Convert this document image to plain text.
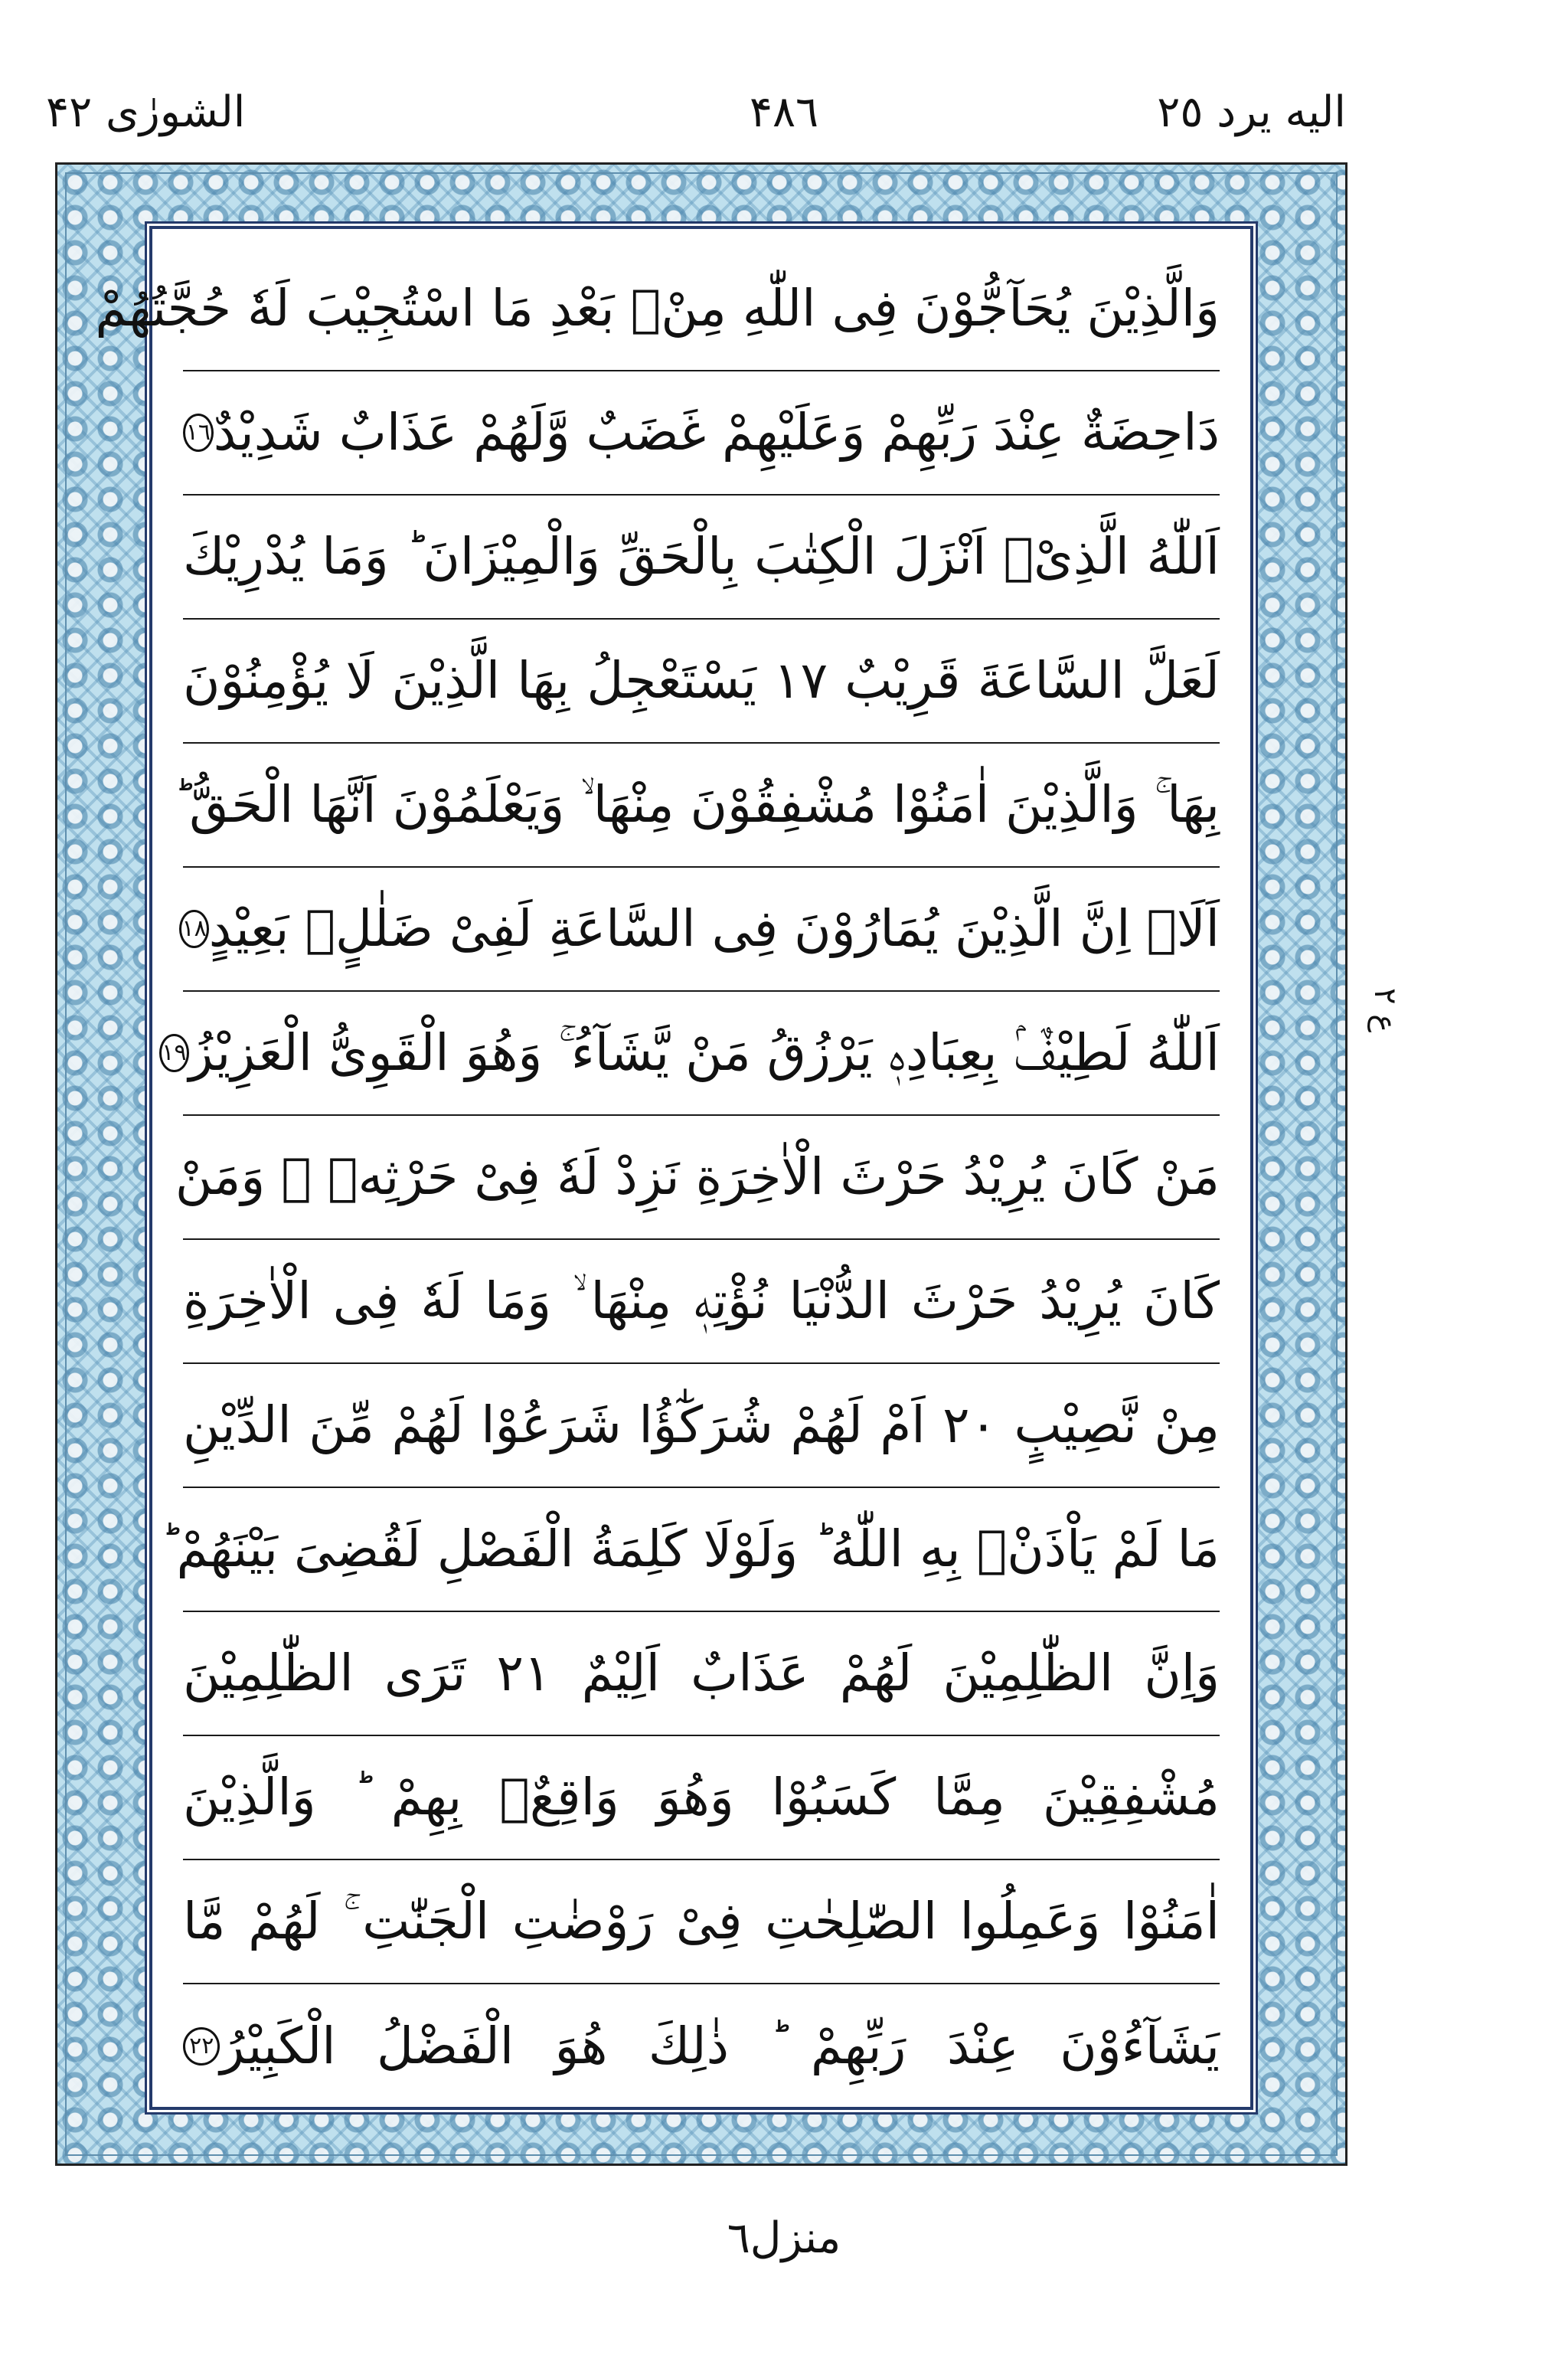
اليه يرد ٢٥
۴٨٦
الشورٰی ۴٢
وَالَّذِیْنَ یُحَآجُّوْنَ فِی اللّٰهِ مِنْۢ بَعْدِ مَا اسْتُجِیْبَ لَهٗ حُجَّتُهُمْ
دَاحِضَةٌ عِنْدَ رَبِّهِمْ وَعَلَیْهِمْ غَضَبٌ وَّلَهُمْ عَذَابٌ شَدِیْدٌ
١٦
اَللّٰهُ الَّذِیْۤ اَنْزَلَ الْكِتٰبَ بِالْحَقِّ وَالْمِیْزَانَ ؕ وَمَا یُدْرِیْكَ
لَعَلَّ السَّاعَةَ قَرِیْبٌ ١٧ یَسْتَعْجِلُ بِهَا الَّذِیْنَ لَا یُؤْمِنُوْنَ
بِهَا ۚ وَالَّذِیْنَ اٰمَنُوْا مُشْفِقُوْنَ مِنْهَا ۙ وَیَعْلَمُوْنَ اَنَّهَا الْحَقُّ ؕ
اَلَاۤ اِنَّ الَّذِیْنَ یُمَارُوْنَ فِی السَّاعَةِ لَفِیْ ضَلٰلٍۭ بَعِیْدٍ
١٨
اَللّٰهُ لَطِیْفٌۢ بِعِبَادِهٖ یَرْزُقُ مَنْ یَّشَآءُ ۚ وَهُوَ الْقَوِیُّ الْعَزِیْزُ
١٩
مَنْ كَانَ یُرِیْدُ حَرْثَ الْاٰخِرَةِ نَزِدْ لَهٗ فِیْ حَرْثِهٖ ۚ وَمَنْ
كَانَ یُرِیْدُ حَرْثَ الدُّنْیَا نُؤْتِهٖ مِنْهَا ۙ وَمَا لَهٗ فِی الْاٰخِرَةِ
مِنْ نَّصِیْبٍ ٢٠ اَمْ لَهُمْ شُرَكٰٓؤُا شَرَعُوْا لَهُمْ مِّنَ الدِّیْنِ
مَا لَمْ یَاْذَنْۢ بِهِ اللّٰهُ ؕ وَلَوْلَا كَلِمَةُ الْفَصْلِ لَقُضِیَ بَیْنَهُمْ ؕ
وَاِنَّ الظّٰلِمِیْنَ لَهُمْ عَذَابٌ اَلِیْمٌ ٢١ تَرَی الظّٰلِمِیْنَ
مُشْفِقِیْنَ مِمَّا كَسَبُوْا وَهُوَ وَاقِعٌۢ بِهِمْ ؕ وَالَّذِیْنَ
اٰمَنُوْا وَعَمِلُوا الصّٰلِحٰتِ فِیْ رَوْضٰتِ الْجَنّٰتِ ۚ لَهُمْ مَّا
یَشَآءُوْنَ عِنْدَ رَبِّهِمْ ؕ ذٰلِكَ هُوَ الْفَضْلُ الْكَبِیْرُ
٢٢
ع ٢
منزل٦
